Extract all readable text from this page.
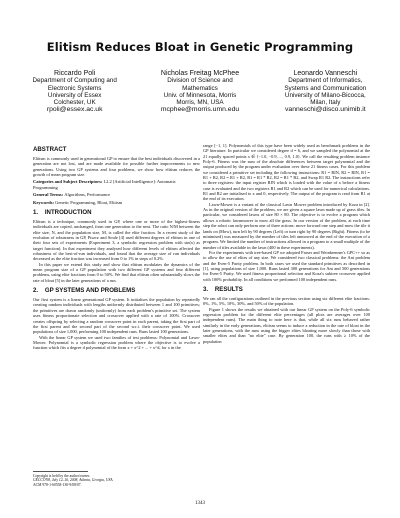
Elitism Reduces Bloat in Genetic Programming
Riccardo Poli
Department of Computing and
Electronic Systems
University of Essex
Colchester, UK
rpoli@essex.ac.uk
Nicholas Freitag McPhee
Division of Science and
Mathematics
Univ. of Minnesota, Morris
Morris, MN, USA
mcphee@morris.umn.edu
Leonardo Vanneschi
Department of Informatics,
Systems and Communication
University of Milano-Bicocca,
Milan, Italy
vanneschi@disco.unimib.it
ABSTRACT

Elitism is commonly used in generational GP to ensure that the best individuals discovered in a generation are not lost, and are made available for possible further improvements to new generations. Using two GP systems and four problems, we show how elitism reduces the growth of mean program size.

Categories and Subject Descriptors: I.2.2 [Artificial Intelligence]: Automatic Programming
General Terms: Algorithms, Performance
Keywords: Genetic Programming, Bloat, Elitism
1.    INTRODUCTION

Elitism is a technique, commonly used in GP, where one or more of the highest-fitness individuals are copied, unchanged, from one generation to the next. The ratio N/M between the elite size, N, and the population size, M, is called the elite fraction. In a recent study of the evolution of robustness in GP, Piszcz and Soule [4] used different degrees of elitism in one of their four sets of experiments (Experiment 3, a symbolic regression problem with sin(x) as target function). In that experiment they analysed how different levels of elitism affected the robustness of the best-of-run individuals, and found that the average size of run individuals decreased as the elite fraction was increased from 0 to 1% in steps of 0.2%.

In this paper we extend this study and show that elitism modulates the dynamics of the mean program size of a GP population with two different GP systems and four different problems, using elite fractions from 0 to 50%. We find that elitism often substantially slows the rate of bloat [5] in the later generations of a run.

2.    GP SYSTEMS AND PROBLEMS

Our first system is a linear generational GP system. It initialises the population by repeatedly creating random individuals with lengths uniformly distributed between 1 and 100 primitives; the primitives are drawn randomly (uniformly) from each problem's primitive set. The system uses fitness proportionate selection and crossover applied with a rate of 100%. Crossover creates offspring by selecting a random crossover point in each parent, taking the first part of the first parent and the second part of the second w.r.t. their crossover point. We used populations of size 1,000, performing 100 independent runs. Runs lasted 100 generations.

With the linear GP system we used two families of test problems: Polynomial and Lawn-Mower. Polynomial is a symbolic regression problem where the objective is to evolve a function which fits a degree d polynomial of the form x + x^2 + ... + x^d, for x in the

range [−1, 1]. Polynomials of this type have been widely used as benchmark problems in the GP literature. In particular we considered degree d = 6, and we sampled the polynomial at the 21 equally spaced points x ∈ {−1.0, −0.9, ..., 0.9, 1.0}. We call the resulting problem instance Poly-6. Fitness was the sum of the absolute differences between target polynomial and the output produced by the program under evaluation over these 21 fitness cases. For this problem we considered a primitive set including the following instructions: R1 = RIN, R2 = RIN, R1 = R1 + R2, R2 = R1 + R2, R1 = R1 * R2, R2 = R1 * R2, and Swap R1 R2. The instructions refer to three registers: the input register RIN which is loaded with the value of x before a fitness case is evaluated and the two registers R1 and R2 which can be used for numerical calculations. R1 and R2 are initialised to x and 0, respectively. The output of the program is read from R1 at the end of its execution.

Lawn-Mower is a variant of the classical Lawn Mower problem introduced by Koza in [2]. As in the original version of the problem, we are given a square lawn made up of grass tiles. In particular, we considered lawns of size 80 × 80. The objective is to evolve a program which allows a robotic lawnmower to mow all the grass. In our version of the problem, at each time step the robot can only perform one of three actions: move forward one step and mow the tile it lands on (Mow), turn left by 90 degrees (Left) or turn right by 90 degrees (Right). Fitness (to be minimised) was measured by the number of tiles left unmowed at the end of the execution of a program. We limited the number of instructions allowed in a program to a small multiple of the number of tiles available in the lawn (400 in these experiments).

For the experiments with tree-based GP we adopted Fraser and Weinbrenner's GPC++ so as to allow the use of elites of any size. We considered two classical problems: the Ant problem and the Even-5 Parity problem. In both cases we used the standard primitives as described in [1], using populations of size 1,000. Runs lasted 300 generations for Ant and 500 generations for Even-5 Parity. We used fitness proportional selection and Koza's subtree crossover applied with 100% probability. In all conditions we performed 100 independent runs.

3.    RESULTS

We ran all the configurations outlined in the previous section using six different elite fractions: 0%, 1%, 5%, 10%, 30%, and 50% of the population.

Figure 1 shows the results we obtained with our linear GP system on the Poly-6 symbolic regression problem for the different elite percentages (all plots are averages over 100 independent runs). The main thing to note here is that, while all six runs behaved rather similarly in the early generations, elitism seems to induce a reduction in the rate of bloat in the later generations, with the runs using the bigger elites bloating more slowly than those with smaller elites and than "no elite" case. By generation 100, the runs with ≥ 10% of the population

Copyright is held by the author/owner.
GECCO'08, July 12–16, 2008, Atlanta, Georgia, USA.
ACM 978-1-60558-130-9/08/07.
1343
